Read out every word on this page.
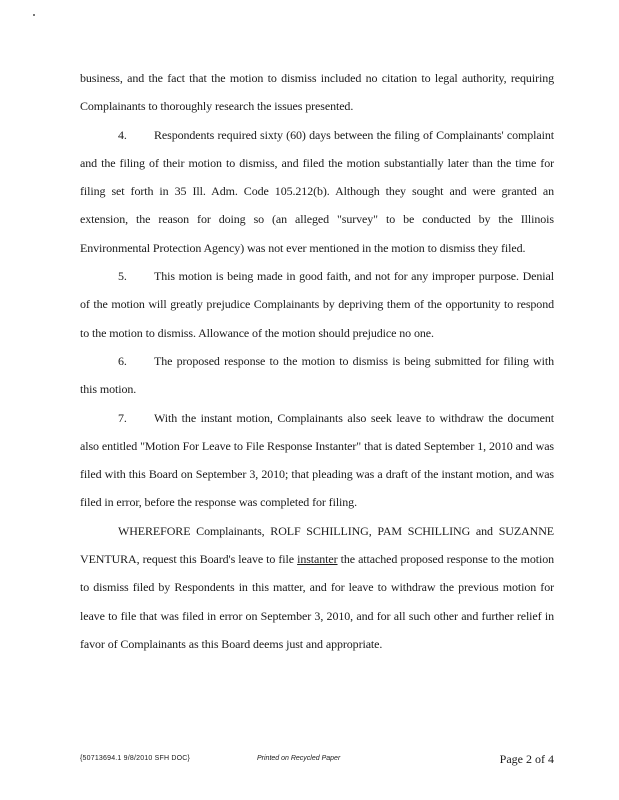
business, and the fact that the motion to dismiss included no citation to legal authority, requiring Complainants to thoroughly research the issues presented.

4. Respondents required sixty (60) days between the filing of Complainants' complaint and the filing of their motion to dismiss, and filed the motion substantially later than the time for filing set forth in 35 Ill. Adm. Code 105.212(b). Although they sought and were granted an extension, the reason for doing so (an alleged "survey" to be conducted by the Illinois Environmental Protection Agency) was not ever mentioned in the motion to dismiss they filed.

5. This motion is being made in good faith, and not for any improper purpose. Denial of the motion will greatly prejudice Complainants by depriving them of the opportunity to respond to the motion to dismiss. Allowance of the motion should prejudice no one.

6. The proposed response to the motion to dismiss is being submitted for filing with this motion.

7. With the instant motion, Complainants also seek leave to withdraw the document also entitled "Motion For Leave to File Response Instanter" that is dated September 1, 2010 and was filed with this Board on September 3, 2010; that pleading was a draft of the instant motion, and was filed in error, before the response was completed for filing.

WHEREFORE Complainants, ROLF SCHILLING, PAM SCHILLING and SUZANNE VENTURA, request this Board's leave to file instanter the attached proposed response to the motion to dismiss filed by Respondents in this matter, and for leave to withdraw the previous motion for leave to file that was filed in error on September 3, 2010, and for all such other and further relief in favor of Complainants as this Board deems just and appropriate.

{50713694.1 9/8/2010 SFH DOC}	Printed on Recycled Paper	Page 2 of 4
